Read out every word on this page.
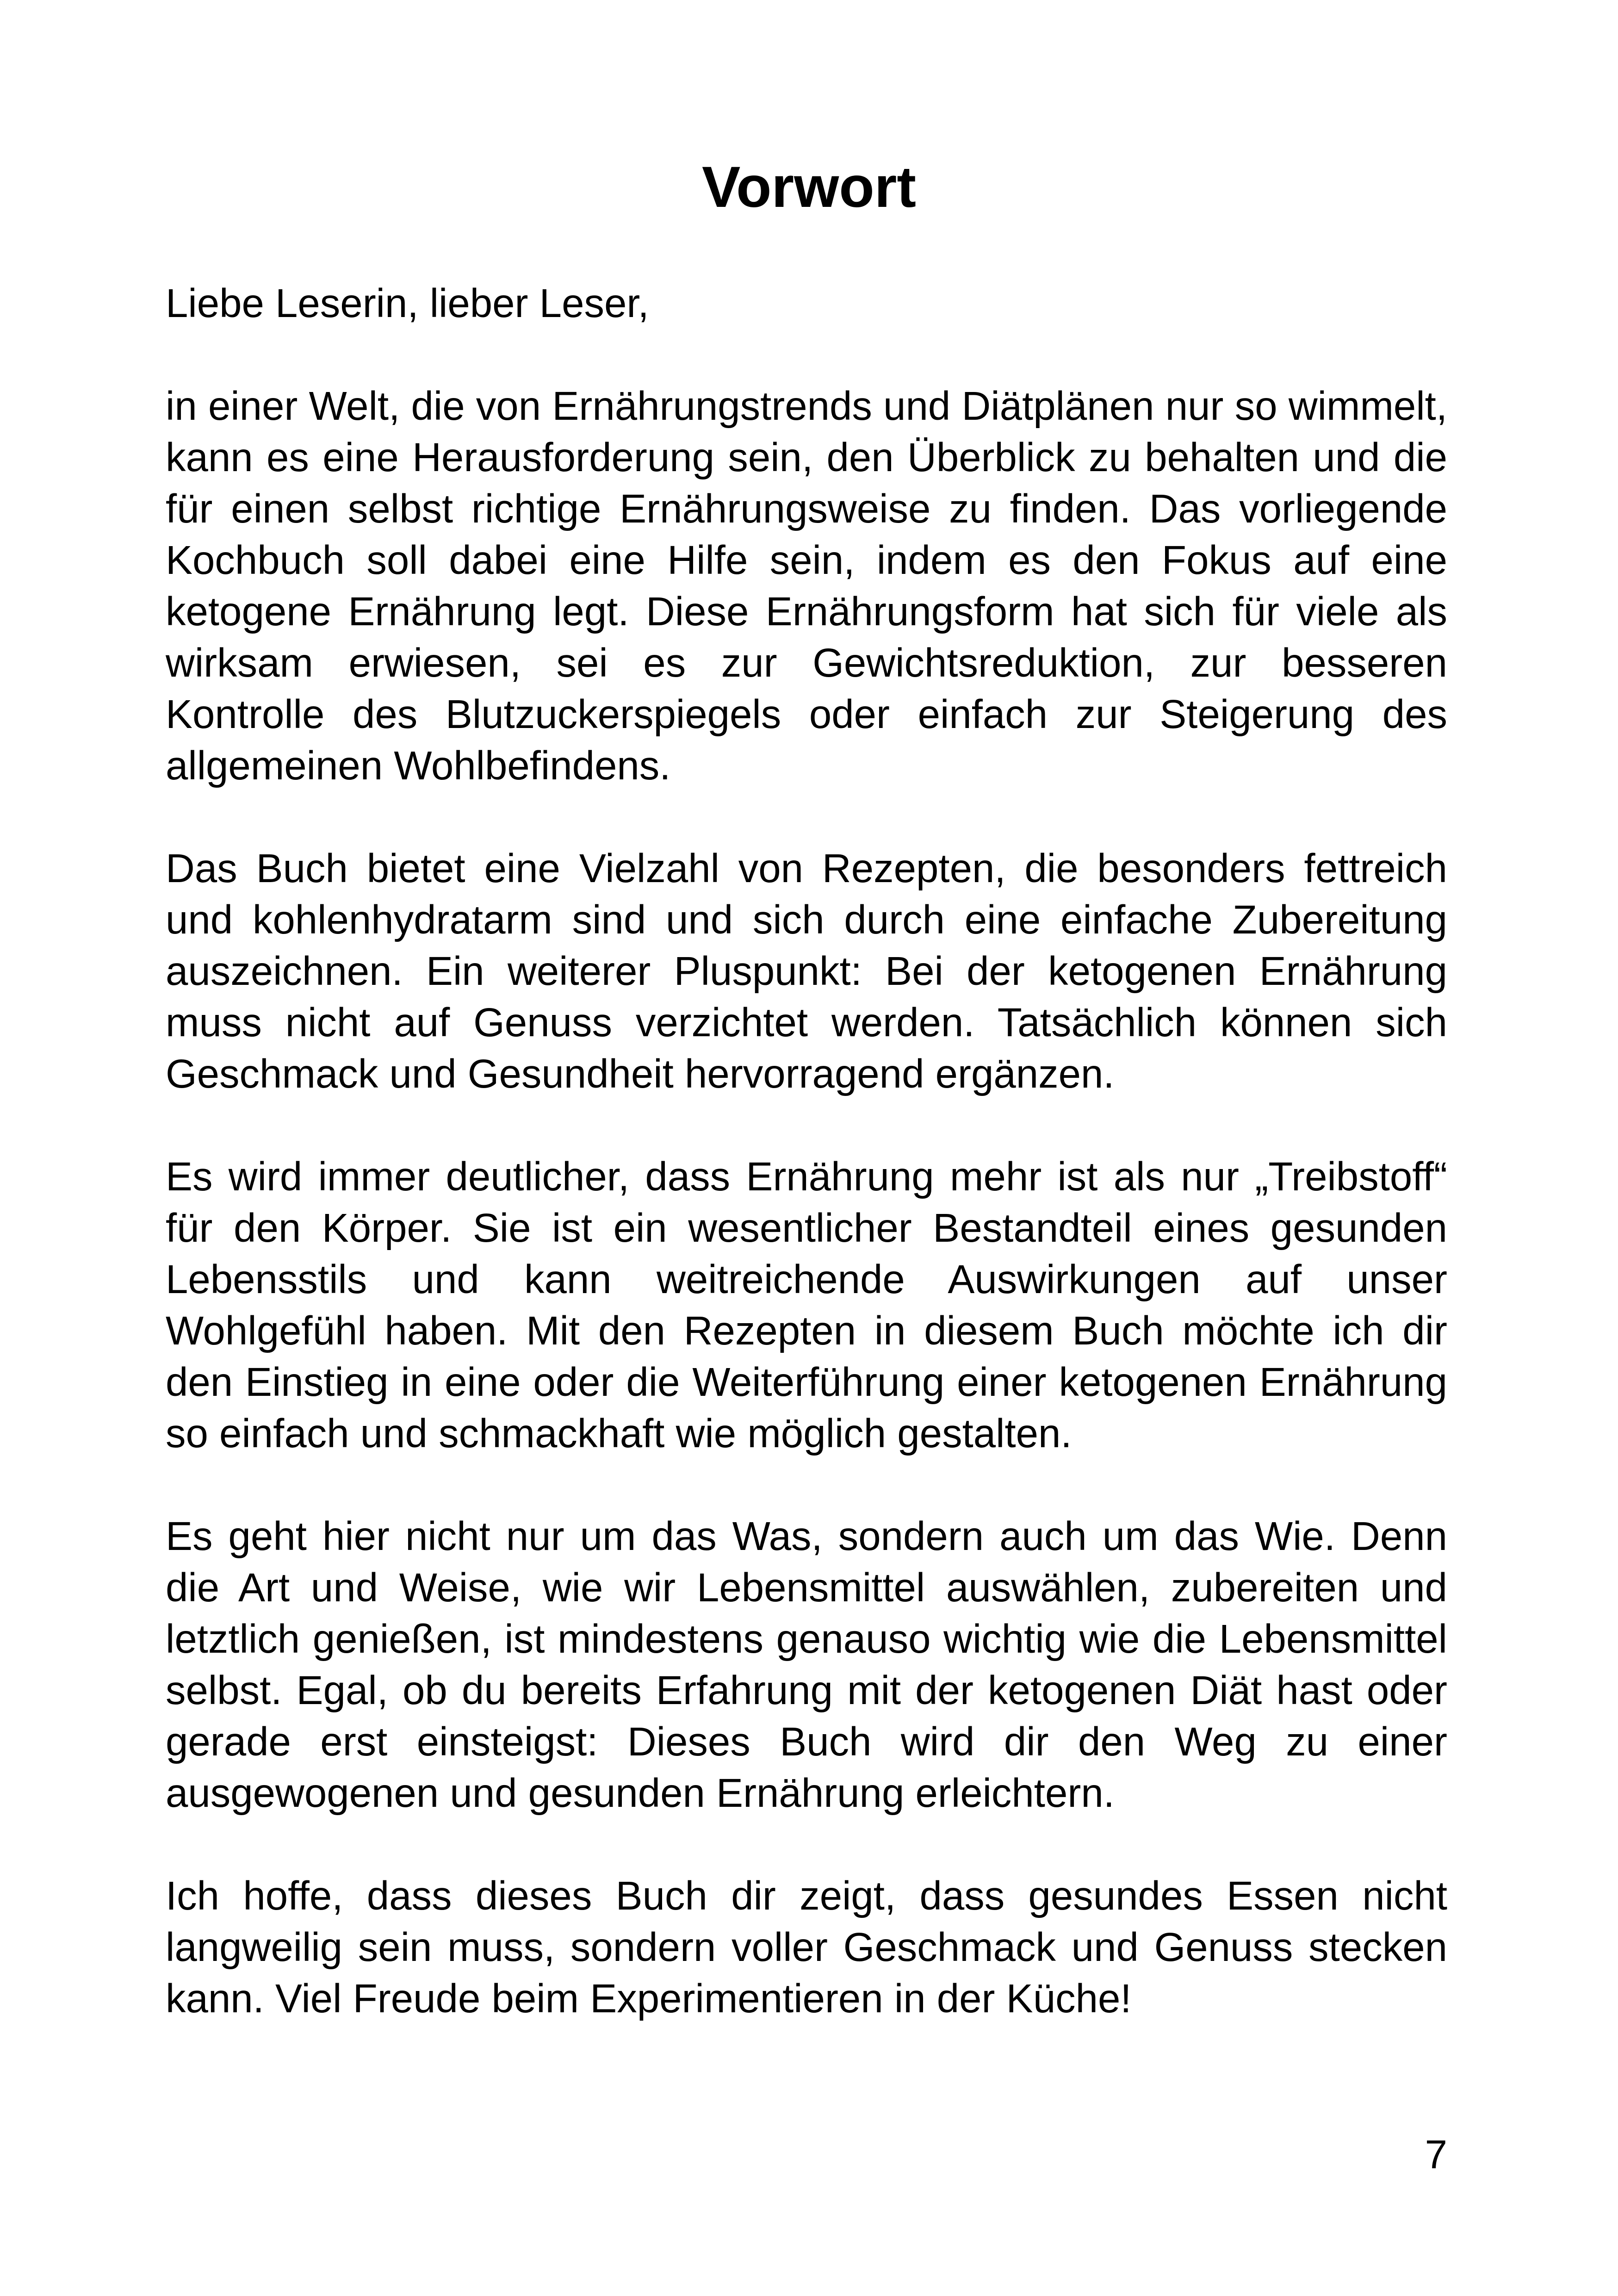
Vorwort

Liebe Leserin, lieber Leser,

in einer Welt, die von Ernährungstrends und Diätplänen nur so wimmelt, kann es eine Herausforderung sein, den Überblick zu behalten und die für einen selbst richtige Ernährungsweise zu finden. Das vorliegende Kochbuch soll dabei eine Hilfe sein, indem es den Fokus auf eine ketogene Ernährung legt. Diese Ernährungsform hat sich für viele als wirksam erwiesen, sei es zur Gewichtsreduktion, zur besseren Kontrolle des Blutzuckerspiegels oder einfach zur Steigerung des allgemeinen Wohlbefindens.

Das Buch bietet eine Vielzahl von Rezepten, die besonders fettreich und kohlenhydratarm sind und sich durch eine einfache Zubereitung auszeichnen. Ein weiterer Pluspunkt: Bei der ketogenen Ernährung muss nicht auf Genuss verzichtet werden. Tatsächlich können sich Geschmack und Gesundheit hervorragend ergänzen.

Es wird immer deutlicher, dass Ernährung mehr ist als nur „Treibstoff“ für den Körper. Sie ist ein wesentlicher Bestandteil eines gesunden Lebensstils und kann weitreichende Auswirkungen auf unser Wohlgefühl haben. Mit den Rezepten in diesem Buch möchte ich dir den Einstieg in eine oder die Weiterführung einer ketogenen Ernährung so einfach und schmackhaft wie möglich gestalten.

Es geht hier nicht nur um das Was, sondern auch um das Wie. Denn die Art und Weise, wie wir Lebensmittel auswählen, zubereiten und letztlich genießen, ist mindestens genauso wichtig wie die Lebensmittel selbst. Egal, ob du bereits Erfahrung mit der ketogenen Diät hast oder gerade erst einsteigst: Dieses Buch wird dir den Weg zu einer ausgewogenen und gesunden Ernährung erleichtern.

Ich hoffe, dass dieses Buch dir zeigt, dass gesundes Essen nicht langweilig sein muss, sondern voller Geschmack und Genuss stecken kann. Viel Freude beim Experimentieren in der Küche!

7
